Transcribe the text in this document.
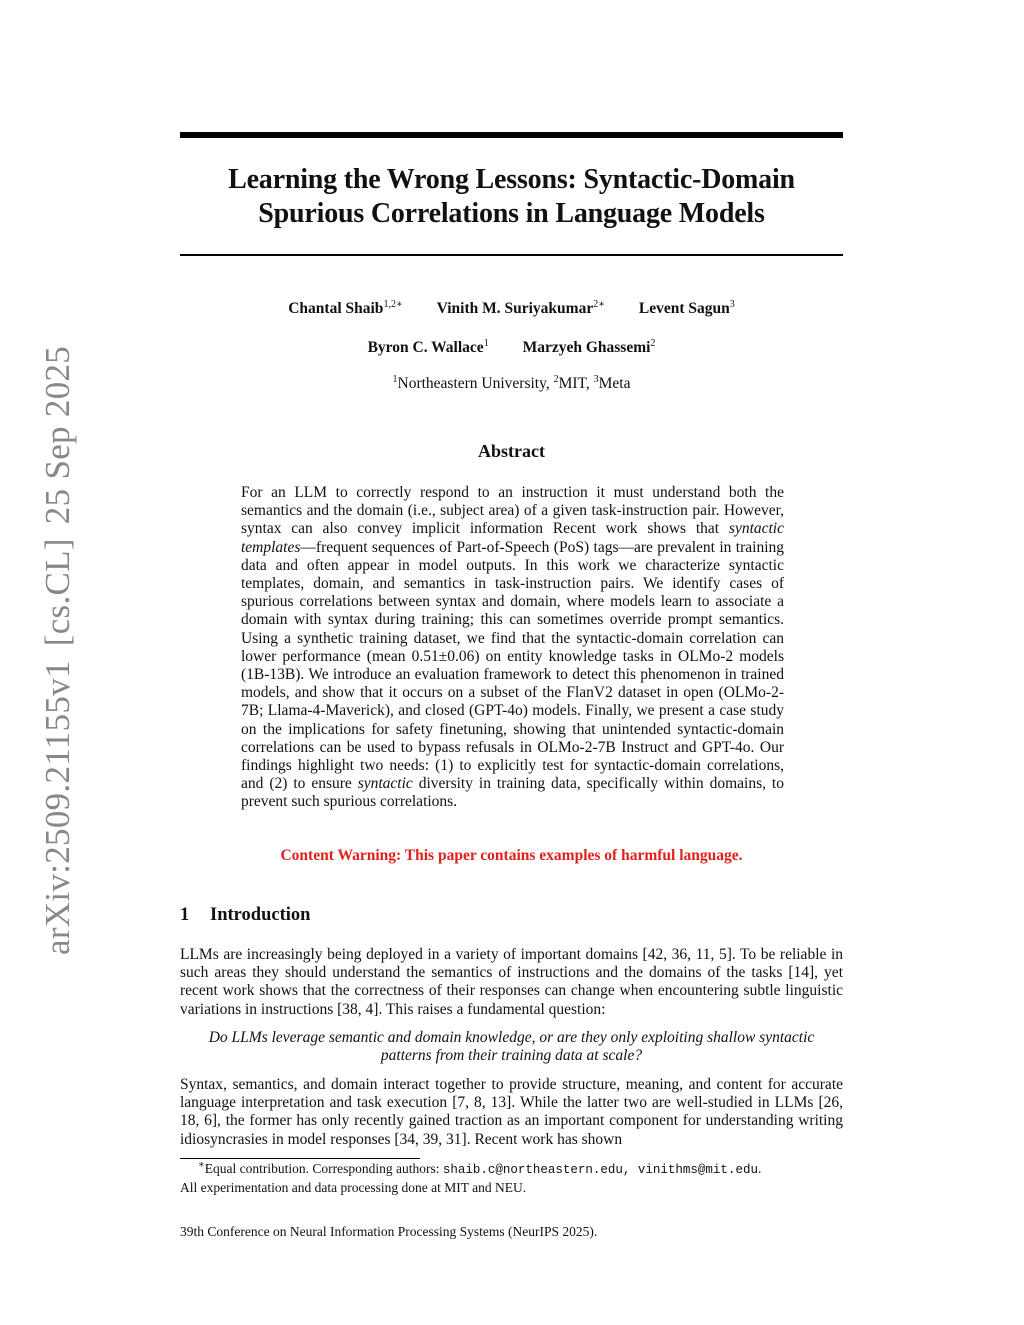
arXiv:2509.21155v1[cs.CL]25 Sep 2025
Learning the Wrong Lessons: Syntactic-Domain
Spurious Correlations in Language Models
Chantal Shaib$^{1,2∗}$ Vinith M. Suriyakumar$^{2∗}$ Levent Sagun$^3$
Byron C. Wallace$^1$ Marzyeh Ghassemi$^2$
$^1$Northeastern University, $^2$MIT, $^3$Meta
Abstract
For an LLM to correctly respond to an instruction it must understand both the semantics and the domain (i.e., subject area) of a given task-instruction pair. However, syntax can also convey implicit information Recent work shows that syntactic templates—frequent sequences of Part-of-Speech (PoS) tags—are prevalent in training data and often appear in model outputs. In this work we characterize syntactic templates, domain, and semantics in task-instruction pairs. We identify cases of spurious correlations between syntax and domain, where models learn to associate a domain with syntax during training; this can sometimes override prompt semantics. Using a synthetic training dataset, we find that the syntactic-domain correlation can lower performance (mean 0.51±0.06) on entity knowledge tasks in OLMo-2 models (1B-13B). We introduce an evaluation framework to detect this phenomenon in trained models, and show that it occurs on a subset of the FlanV2 dataset in open (OLMo-2-7B; Llama-4-Maverick), and closed (GPT-4o) models. Finally, we present a case study on the implications for safety finetuning, showing that unintended syntactic-domain correlations can be used to bypass refusals in OLMo-2-7B Instruct and GPT-4o. Our findings highlight two needs: (1) to explicitly test for syntactic-domain correlations, and (2) to ensure syntactic diversity in training data, specifically within domains, to prevent such spurious correlations.
Content Warning: This paper contains examples of harmful language.
1 Introduction
LLMs are increasingly being deployed in a variety of important domains [42, 36, 11, 5]. To be reliable in such areas they should understand the semantics of instructions and the domains of the tasks [14], yet recent work shows that the correctness of their responses can change when encountering subtle linguistic variations in instructions [38, 4]. This raises a fundamental question:
Do LLMs leverage semantic and domain knowledge, or are they only exploiting shallow syntactic
patterns from their training data at scale?
Syntax, semantics, and domain interact together to provide structure, meaning, and content for accurate language interpretation and task execution [7, 8, 13]. While the latter two are well-studied in LLMs [26, 18, 6], the former has only recently gained traction as an important component for understanding writing idiosyncrasies in model responses [34, 39, 31]. Recent work has shown
∗Equal contribution. Corresponding authors: shaib.c@northeastern.edu, vinithms@mit.edu.
All experimentation and data processing done at MIT and NEU.
39th Conference on Neural Information Processing Systems (NeurIPS 2025).
